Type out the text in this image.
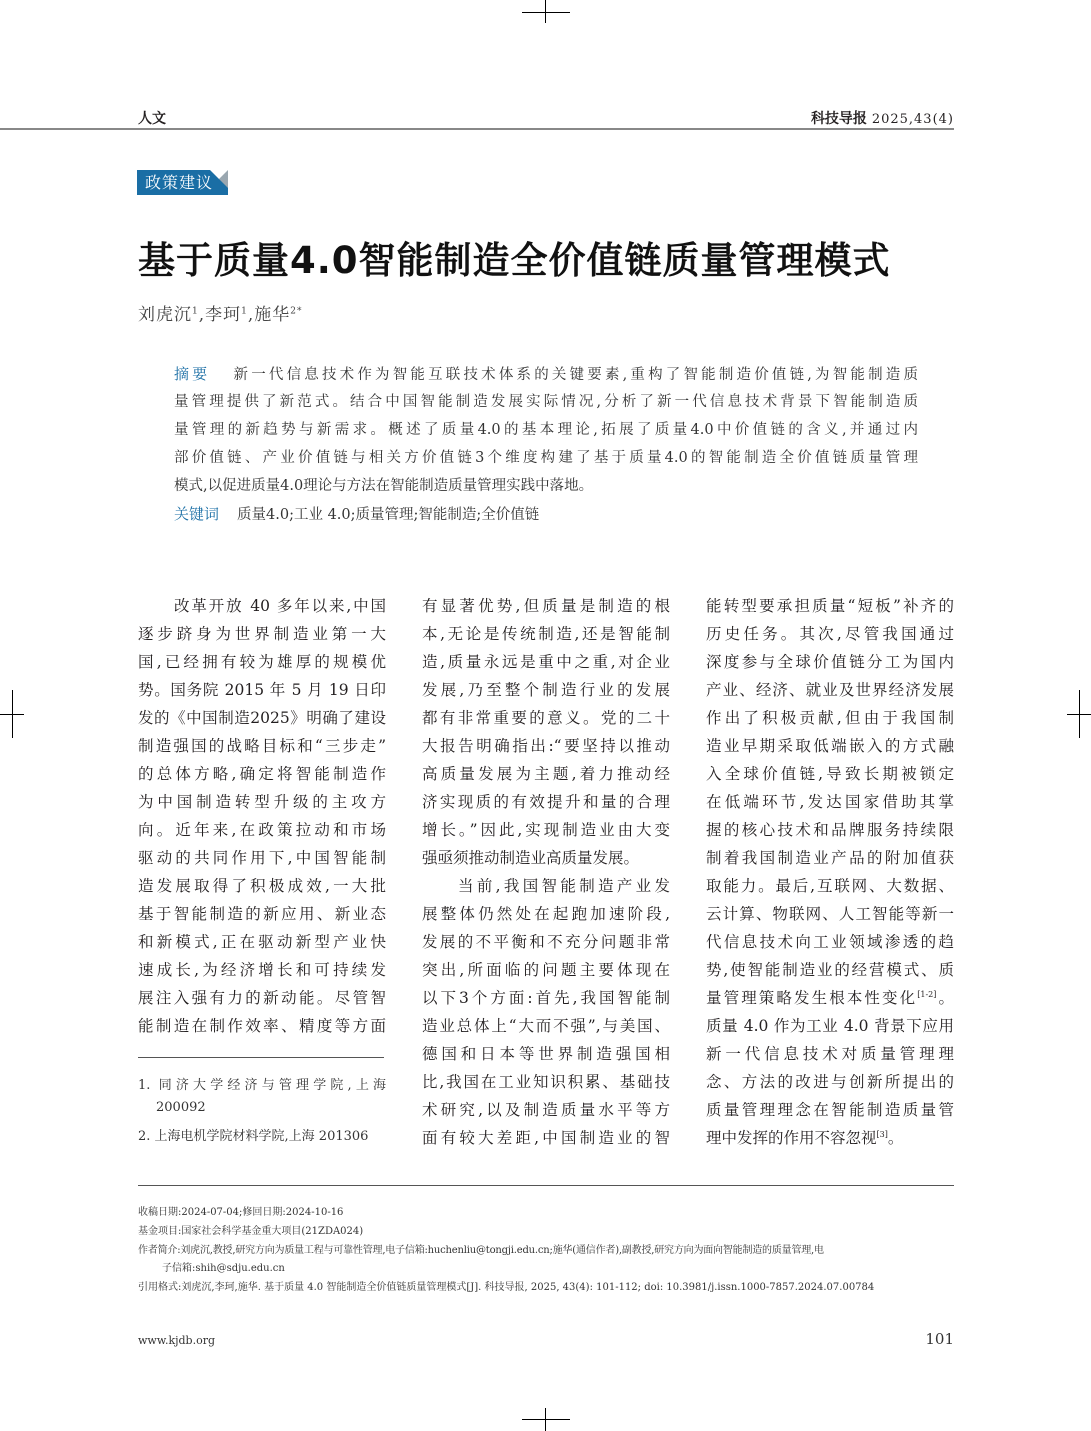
人文	科技导报 2025,43(4)
政策建议
基于质量4.0智能制造全价值链质量管理模式
刘虎沉$^1$,李珂$^1$,施华$^{2*}$
摘要 新一代信息技术作为智能互联技术体系的关键要素,重构了智能制造价值链,为智能制造质
量管理提供了新范式。结合中国智能制造发展实际情况,分析了新一代信息技术背景下智能制造质
量管理的新趋势与新需求。概述了质量4.0的基本理论,拓展了质量4.0中价值链的含义,并通过内
部价值链、产业价值链与相关方价值链3个维度构建了基于质量4.0的智能制造全价值链质量管理
模式,以促进质量4.0理论与方法在智能制造质量管理实践中落地。
关键词 质量4.0;工业 4.0;质量管理;智能制造;全价值链
改革开放 40 多年以来,中国
逐步跻身为世界制造业第一大
国,已经拥有较为雄厚的规模优
势。国务院 2015 年 5 月 19 日印
发的《中国制造2025》明确了建设
制造强国的战略目标和“三步走”
的总体方略,确定将智能制造作
为中国制造转型升级的主攻方
向。近年来,在政策拉动和市场
驱动的共同作用下,中国智能制
造发展取得了积极成效,一大批
基于智能制造的新应用、新业态
和新模式,正在驱动新型产业快
速成长,为经济增长和可持续发
展注入强有力的新动能。尽管智
能制造在制作效率、精度等方面
有显著优势,但质量是制造的根
本,无论是传统制造,还是智能制
造,质量永远是重中之重,对企业
发展,乃至整个制造行业的发展
都有非常重要的意义。党的二十
大报告明确指出:“要坚持以推动
高质量发展为主题,着力推动经
济实现质的有效提升和量的合理
增长。”因此,实现制造业由大变
强亟须推动制造业高质量发展。
当前,我国智能制造产业发
展整体仍然处在起跑加速阶段,
发展的不平衡和不充分问题非常
突出,所面临的问题主要体现在
以下3个方面:首先,我国智能制
造业总体上“大而不强”,与美国、
德国和日本等世界制造强国相
比,我国在工业知识积累、基础技
术研究,以及制造质量水平等方
面有较大差距,中国制造业的智
能转型要承担质量“短板”补齐的
历史任务。其次,尽管我国通过
深度参与全球价值链分工为国内
产业、经济、就业及世界经济发展
作出了积极贡献,但由于我国制
造业早期采取低端嵌入的方式融
入全球价值链,导致长期被锁定
在低端环节,发达国家借助其掌
握的核心技术和品牌服务持续限
制着我国制造业产品的附加值获
取能力。最后,互联网、大数据、
云计算、物联网、人工智能等新一
代信息技术向工业领域渗透的趋
势,使智能制造业的经营模式、质
量管理策略发生根本性变化[1-2]。
质量 4.0 作为工业 4.0 背景下应用
新一代信息技术对质量管理理
念、方法的改进与创新所提出的
质量管理理念在智能制造质量管
理中发挥的作用不容忽视[3]。
1. 同济大学经济与管理学院,上海
200092
2. 上海电机学院材料学院,上海 201306
收稿日期:2024-07-04;修回日期:2024-10-16
基金项目:国家社会科学基金重大项目(21ZDA024)
作者简介:刘虎沉,教授,研究方向为质量工程与可靠性管理,电子信箱:huchenliu@tongji.edu.cn;施华(通信作者),副教授,研究方向为面向智能制造的质量管理,电
子信箱:shih@sdju.edu.cn
引用格式:刘虎沉,李珂,施华. 基于质量 4.0 智能制造全价值链质量管理模式[J]. 科技导报, 2025, 43(4): 101-112; doi: 10.3981/j.issn.1000-7857.2024.07.00784
www.kjdb.org	101
